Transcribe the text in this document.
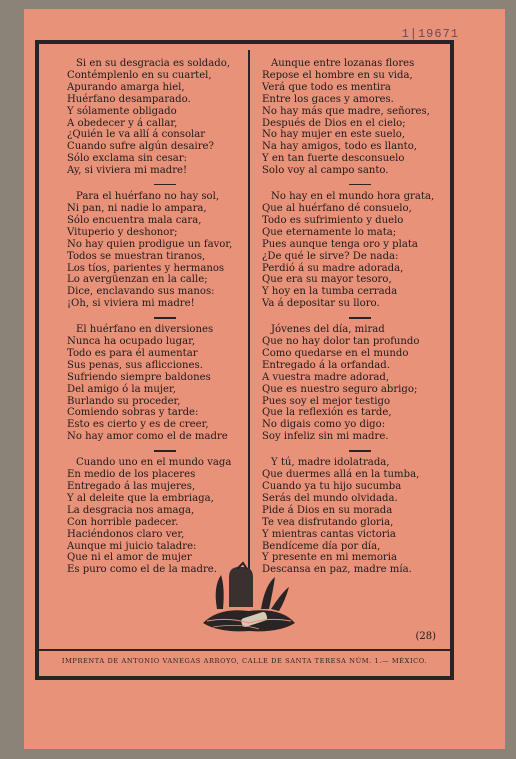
1|19671
Si en su desgracia es soldado,
Contémplenlo en su cuartel,
Apurando amarga hiel,
Huérfano desamparado.
Y sólamente obligado
A obedecer y á callar,
¿Quién le va allí á consolar
Cuando sufre algún desaire?
Sólo exclama sin cesar:
Ay, si viviera mi madre!
Para el huérfano no hay sol,
Ni pan, ni nadie lo ampara,
Sólo encuentra mala cara,
Vituperio y deshonor;
No hay quien prodigue un favor,
Todos se muestran tiranos,
Los tíos, parientes y hermanos
Lo avergüenzan en la calle;
Dice, enclavando sus manos:
¡Oh, si viviera mi madre!
El huérfano en diversiones
Nunca ha ocupado lugar,
Todo es para él aumentar
Sus penas, sus aflicciones.
Sufriendo siempre baldones
Del amigo ó la mujer,
Burlando su proceder,
Comiendo sobras y tarde:
Esto es cierto y es de creer,
No hay amor como el de madre
Cuando uno en el mundo vaga
En medio de los placeres
Entregado á las mujeres,
Y al deleite que la embriaga,
La desgracia nos amaga,
Con horrible padecer.
Haciéndonos claro ver,
Aunque mi juicio taladre:
Que ni el amor de mujer
Es puro como el de la madre.
Aunque entre lozanas flores
Repose el hombre en su vida,
Verá que todo es mentira
Entre los gaces y amores.
No hay más que madre, señores,
Después de Dios en el cielo;
No hay mujer en este suelo,
Na hay amigos, todo es llanto,
Y en tan fuerte desconsuelo
Solo voy al campo santo.
No hay en el mundo hora grata,
Que al huérfano dé consuelo,
Todo es sufrimiento y duelo
Que eternamente lo mata;
Pues aunque tenga oro y plata
¿De qué le sirve? De nada:
Perdió á su madre adorada,
Que era su mayor tesoro,
Y hoy en la tumba cerrada
Va á depositar su lloro.
Jóvenes del día, mirad
Que no hay dolor tan profundo
Como quedarse en el mundo
Entregado á la orfandad.
A vuestra madre adorad,
Que es nuestro seguro abrigo;
Pues soy el mejor testigo
Que la reflexión es tarde,
No digais como yo digo:
Soy infeliz sin mi madre.
Y tú, madre idolatrada,
Que duermes allá en la tumba,
Cuando ya tu hijo sucumba
Serás del mundo olvidada.
Pide á Dios en su morada
Te vea disfrutando gloria,
Y mientras cantas victoria
Bendíceme día por día,
Y presente en mi memoria
Descansa en paz, madre mía.
(28)
IMPRENTA DE ANTONIO VANEGAS ARROYO, CALLE DE SANTA TERESA NÚM. 1.— MÉXICO.
